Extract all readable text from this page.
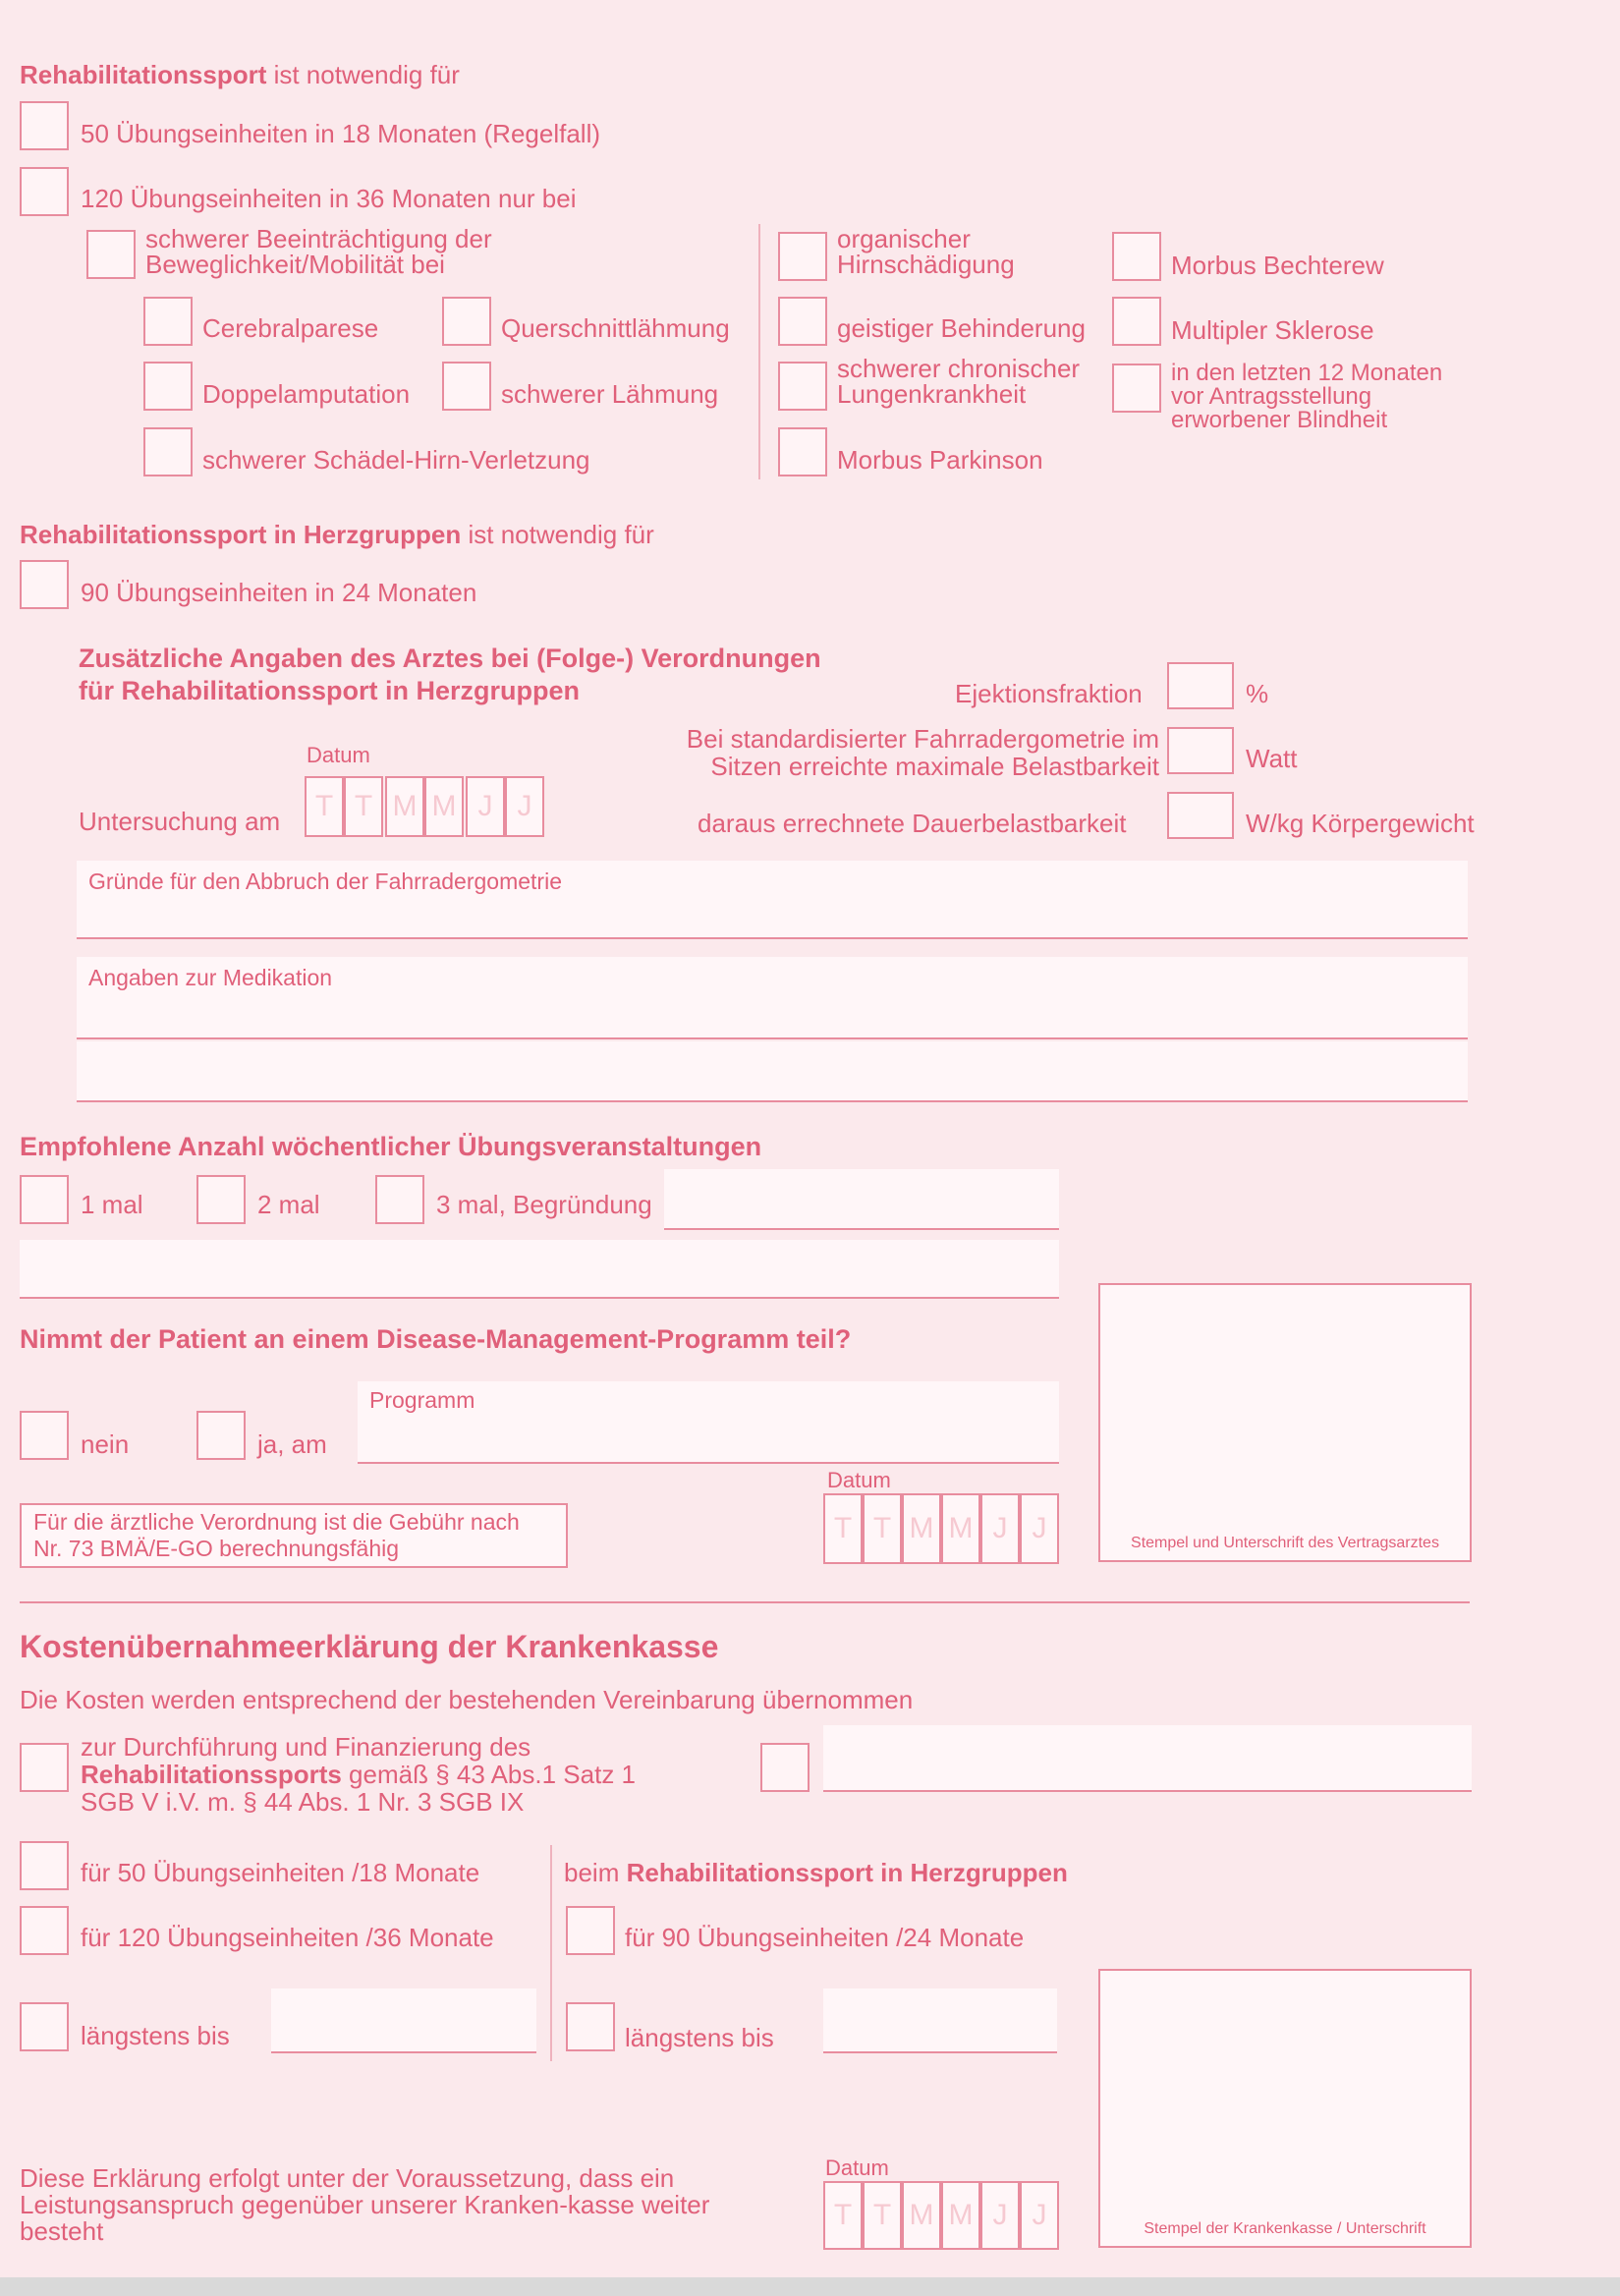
Rehabilitationssport ist notwendig für
50 Übungseinheiten in 18 Monaten (Regelfall)
120 Übungseinheiten in 36 Monaten nur bei
schwerer Beeinträchtigung der Beweglichkeit/Mobilität bei
Cerebralparese	Querschnittlähmung
Doppelamputation	schwerer Lähmung
schwerer Schädel-Hirn-Verletzung
organischer Hirnschädigung
geistiger Behinderung
schwerer chronischer Lungenkrankheit
Morbus Parkinson
Morbus Bechterew
Multipler Sklerose
in den letzten 12 Monaten vor Antragsstellung erworbener Blindheit
Rehabilitationssport in Herzgruppen ist notwendig für
90 Übungseinheiten in 24 Monaten
Zusätzliche Angaben des Arztes bei (Folge-) Verordnungen
für Rehabilitationssport in Herzgruppen
Datum
Untersuchung am	T T M M J J
Ejektionsfraktion	%
Bei standardisierter Fahrradergometrie im Sitzen erreichte maximale Belastbarkeit	Watt
daraus errechnete Dauerbelastbarkeit	W/kg Körpergewicht
Gründe für den Abbruch der Fahrradergometrie
Angaben zur Medikation
Empfohlene Anzahl wöchentlicher Übungsveranstaltungen
1 mal	2 mal	3 mal, Begründung
Nimmt der Patient an einem Disease-Management-Programm teil?
nein	ja, am
Programm
Für die ärztliche Verordnung ist die Gebühr nach Nr. 73 BMÄ/E-GO berechnungsfähig
Datum
T T M M J J	Stempel und Unterschrift des Vertragsarztes
Kostenübernahmeerklärung der Krankenkasse
Die Kosten werden entsprechend der bestehenden Vereinbarung übernommen
zur Durchführung und Finanzierung des
Rehabilitationssports gemäß § 43 Abs.1 Satz 1
SGB V i.V. m. § 44 Abs. 1 Nr. 3 SGB IX
für 50 Übungseinheiten /18 Monate	beim Rehabilitationssport in Herzgruppen
für 120 Übungseinheiten /36 Monate	für 90 Übungseinheiten /24 Monate
längstens bis	längstens bis
Diese Erklärung erfolgt unter der Voraussetzung, dass ein Leistungsanspruch gegenüber unserer Kranken-kasse weiter besteht
Datum
T T M M J J	Stempel der Krankenkasse / Unterschrift
